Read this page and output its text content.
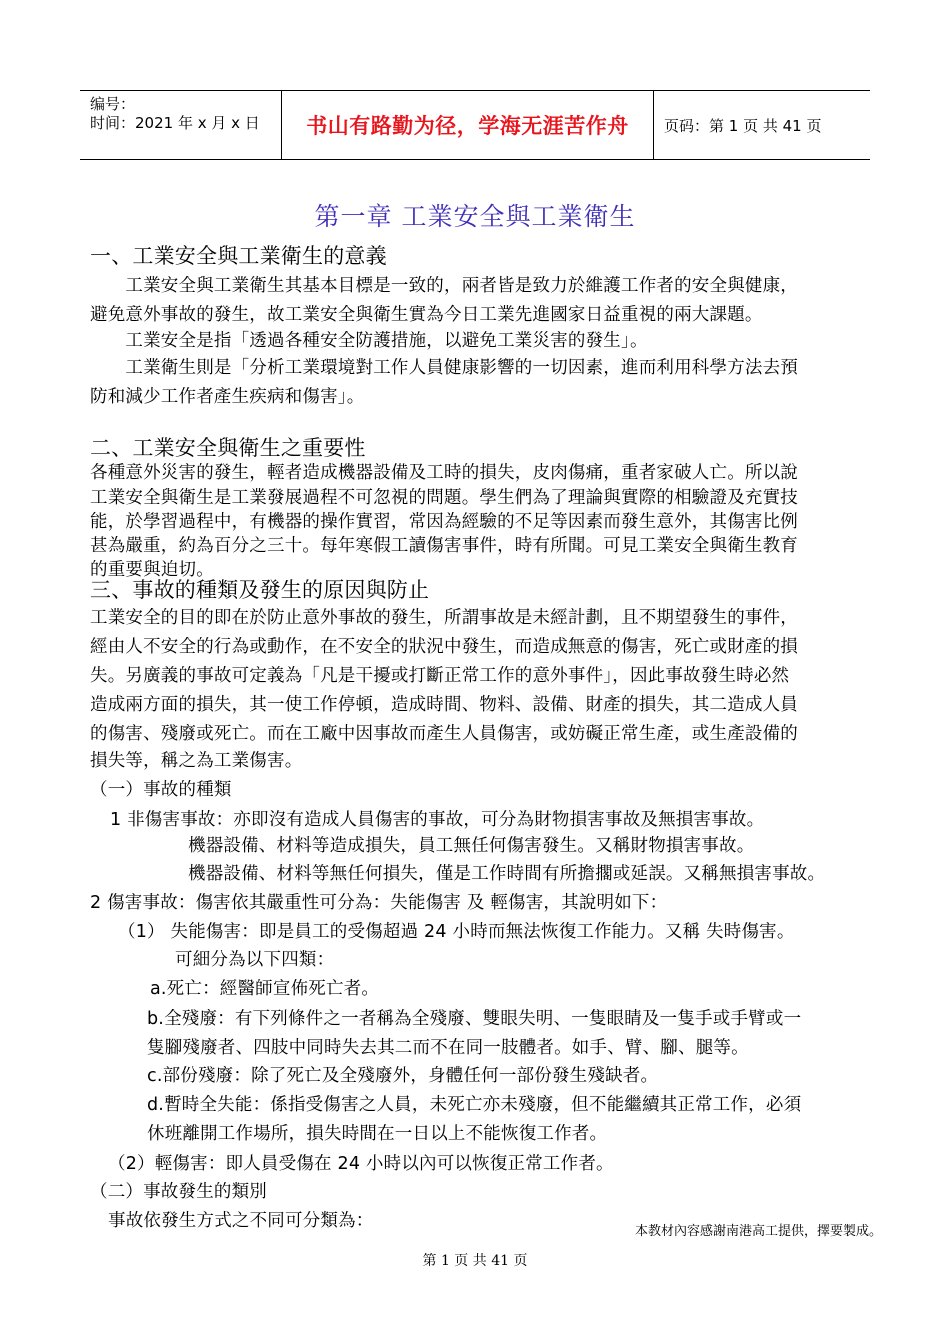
编号：
时间：2021 年 x 月 x 日	书山有路勤为径，学海无涯苦作舟	页码：第 1 页 共 41 页
第一章 工業安全與工業衛生
一、工業安全與工業衛生的意義
　　工業安全與工業衛生其基本目標是一致的，兩者皆是致力於維護工作者的安全與健康，
避免意外事故的發生，故工業安全與衛生實為今日工業先進國家日益重視的兩大課題。
　　工業安全是指「透過各種安全防護措施，以避免工業災害的發生」。
　　工業衛生則是「分析工業環境對工作人員健康影響的一切因素，進而利用科學方法去預
防和減少工作者產生疾病和傷害」。
二、工業安全與衛生之重要性
各種意外災害的發生，輕者造成機器設備及工時的損失，皮肉傷痛，重者家破人亡。所以說
工業安全與衛生是工業發展過程不可忽視的問題。學生們為了理論與實際的相驗證及充實技
能，於學習過程中，有機器的操作實習，常因為經驗的不足等因素而發生意外，其傷害比例
甚為嚴重，約為百分之三十。每年寒假工讀傷害事件，時有所聞。可見工業安全與衛生教育
的重要與迫切。
三、事故的種類及發生的原因與防止
工業安全的目的即在於防止意外事故的發生，所謂事故是未經計劃，且不期望發生的事件，
經由人不安全的行為或動作，在不安全的狀況中發生，而造成無意的傷害，死亡或財產的損
失。另廣義的事故可定義為「凡是干擾或打斷正常工作的意外事件」，因此事故發生時必然
造成兩方面的損失，其一使工作停頓，造成時間、物料、設備、財產的損失，其二造成人員
的傷害、殘廢或死亡。而在工廠中因事故而產生人員傷害，或妨礙正常生產，或生產設備的
損失等，稱之為工業傷害。
（一）事故的種類
1 非傷害事故：亦即沒有造成人員傷害的事故，可分為財物損害事故及無損害事故。
機器設備、材料等造成損失，員工無任何傷害發生。又稱財物損害事故。
機器設備、材料等無任何損失，僅是工作時間有所擔擱或延誤。又稱無損害事故。
2 傷害事故：傷害依其嚴重性可分為：失能傷害 及 輕傷害，其說明如下：
（1） 失能傷害：即是員工的受傷超過 24 小時而無法恢復工作能力。又稱 失時傷害。
可細分為以下四類：
a.死亡：經醫師宣佈死亡者。
b.全殘廢：有下列條件之一者稱為全殘廢、雙眼失明、一隻眼睛及一隻手或手臂或一
隻腳殘廢者、四肢中同時失去其二而不在同一肢體者。如手、臂、腳、腿等。
c.部份殘廢：除了死亡及全殘廢外，身體任何一部份發生殘缺者。
d.暫時全失能：係指受傷害之人員，未死亡亦未殘廢，但不能繼續其正常工作，必須
休班離開工作場所，損失時間在一日以上不能恢復工作者。
（2）輕傷害：即人員受傷在 24 小時以內可以恢復正常工作者。
（二）事故發生的類別
事故依發生方式之不同可分類為：
本教材內容感謝南港高工提供，擇要製成。
第 1 页 共 41 页
